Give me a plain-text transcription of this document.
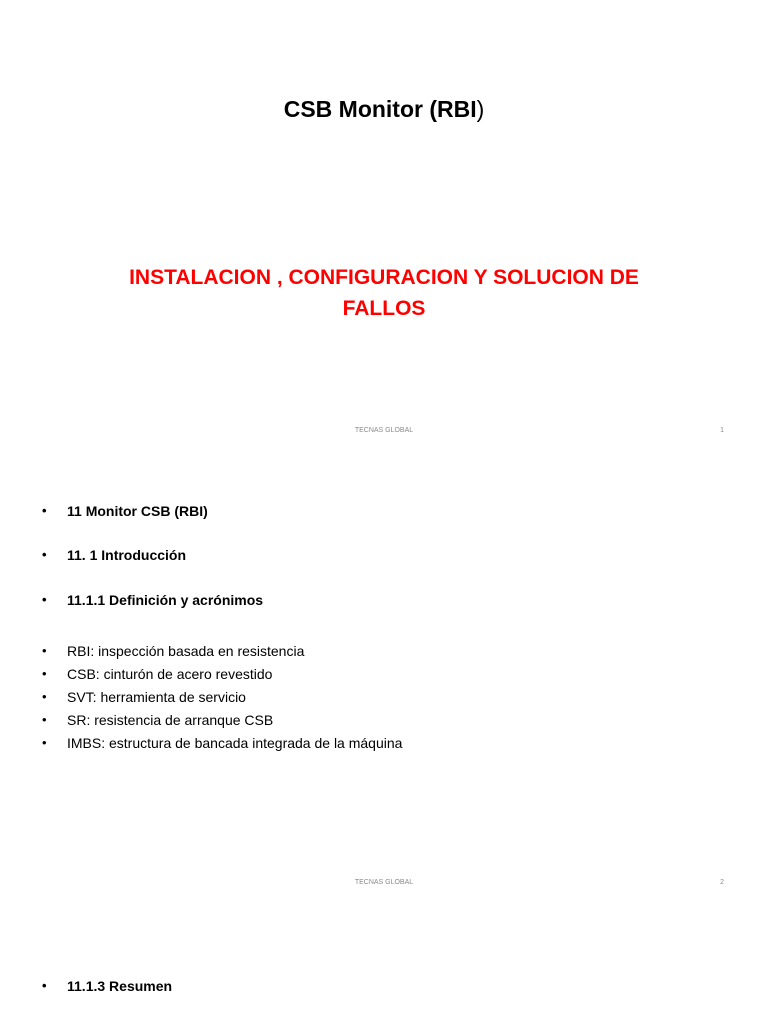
CSB Monitor (RBI)
INSTALACION , CONFIGURACION Y SOLUCION DE FALLOS
TECNAS GLOBAL	1
• 11 Monitor CSB (RBI)
• 11. 1 Introducción
• 11.1.1 Definición y acrónimos
• RBI: inspección basada en resistencia
• CSB: cinturón de acero revestido
• SVT: herramienta de servicio
• SR: resistencia de arranque CSB
• IMBS: estructura de bancada integrada de la máquina
TECNAS GLOBAL	2
• 11.1.3 Resumen
